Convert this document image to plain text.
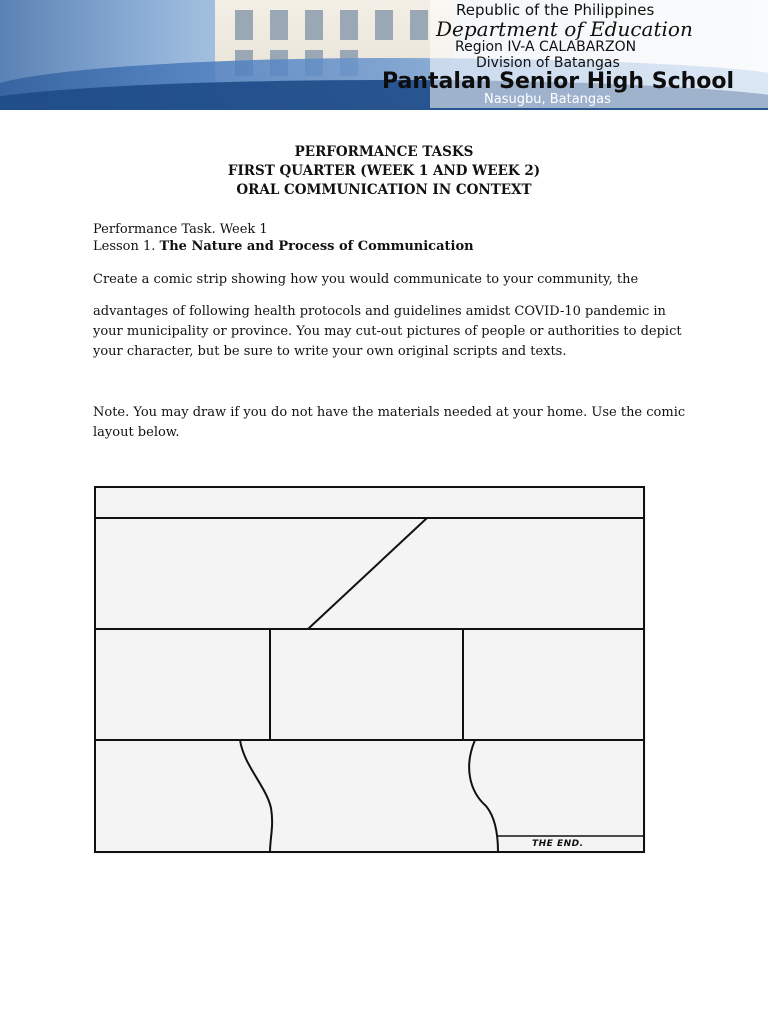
Republic of the Philippines
Department of Education
Region IV-A CALABARZON
Division of Batangas
Pantalan Senior High School
Nasugbu, Batangas
PERFORMANCE TASKS
FIRST QUARTER (WEEK 1 AND WEEK 2)
ORAL COMMUNICATION IN CONTEXT
Performance Task. Week 1
Lesson 1. The Nature and Process of Communication
Create a comic strip showing how you would communicate to your community, the
advantages of following health protocols and guidelines amidst COVID-10 pandemic in your municipality or province. You may cut-out pictures of people or authorities to depict your character, but be sure to write your own original scripts and texts.
Note. You may draw if you do not have the materials needed at your home. Use the comic layout below.
THE END.
